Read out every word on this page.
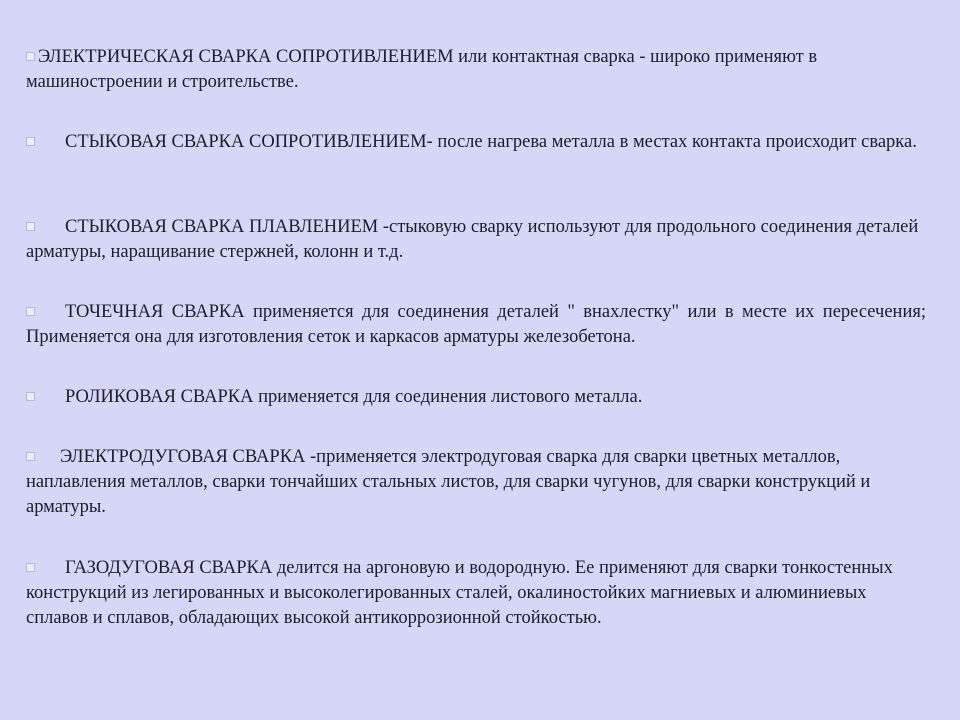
ЭЛЕКТРИЧЕСКАЯ СВАРКА СОПРОТИВЛЕНИЕМ или контактная сварка - широко применяют в машиностроении и строительстве.
СТЫКОВАЯ СВАРКА СОПРОТИВЛЕНИЕМ- после нагрева металла в местах контакта происходит сварка.
СТЫКОВАЯ СВАРКА ПЛАВЛЕНИЕМ -стыковую сварку используют для продольного соединения деталей арматуры, наращивание стержней, колонн и т.д.
ТОЧЕЧНАЯ СВАРКА применяется для соединения деталей " внахлестку" или в месте их пересечения; Применяется она для изготовления сеток и каркасов арматуры железобетона.
РОЛИКОВАЯ СВАРКА применяется для соединения листового металла.
ЭЛЕКТРОДУГОВАЯ СВАРКА -применяется электродуговая сварка для сварки цветных металлов, наплавления металлов, сварки тончайших стальных листов, для сварки чугунов, для сварки конструкций и арматуры.
ГАЗОДУГОВАЯ СВАРКА делится на аргоновую и водородную. Ее применяют для сварки тонкостенных конструкций из легированных и высоколегированных сталей, окалиностойких магниевых и алюминиевых сплавов и сплавов, обладающих высокой антикоррозионной стойкостью.
